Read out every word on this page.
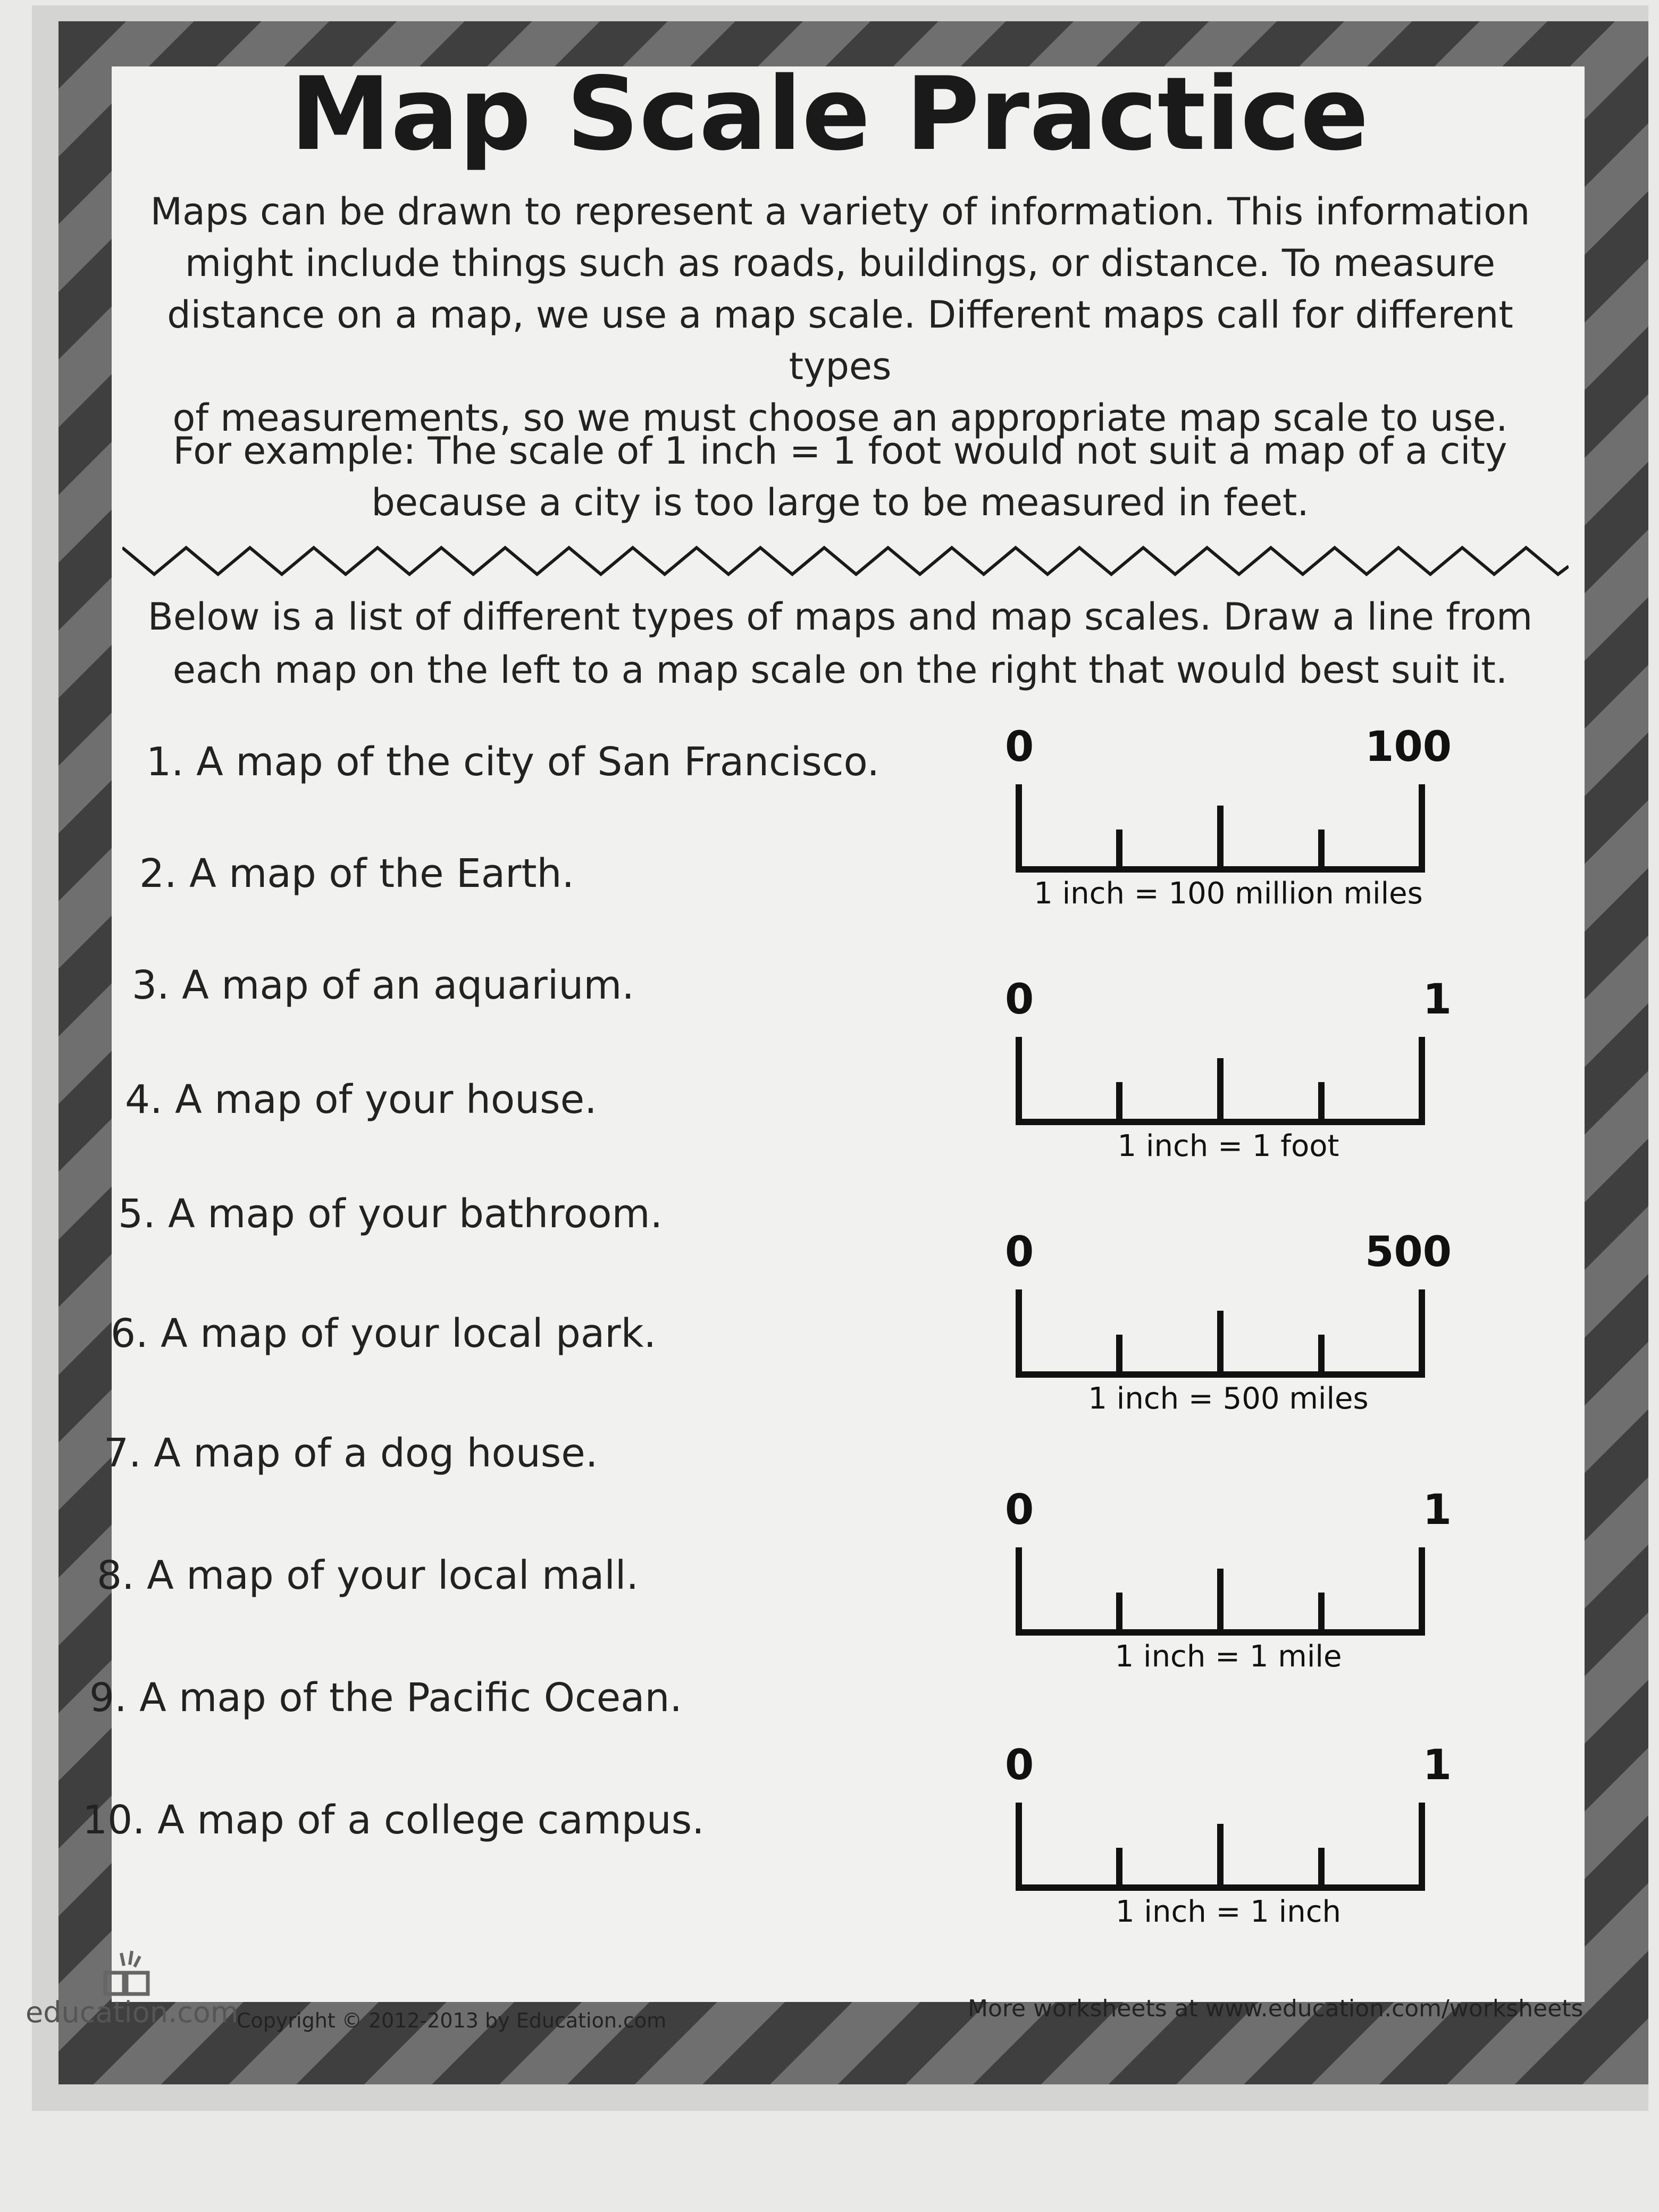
Map Scale Practice

Maps can be drawn to represent a variety of information. This information
might include things such as roads, buildings, or distance. To measure
distance on a map, we use a map scale. Different maps call for different types
of measurements, so we must choose an appropriate map scale to use.

For example: The scale of 1 inch = 1 foot would not suit a map of a city
because a city is too large to be measured in feet.

Below is a list of different types of maps and map scales. Draw a line from
each map on the left to a map scale on the right that would best suit it.

1. A map of the city of San Francisco.
2. A map of the Earth.
3. A map of an aquarium.
4. A map of your house.
5. A map of your bathroom.
6. A map of your local park.
7. A map of a dog house.
8. A map of your local mall.
9. A map of the Pacific Ocean.
10. A map of a college campus.
0	100
1 inch = 100 million miles
0	1
1 inch = 1 foot
0	500
1 inch = 500 miles
0	1
1 inch = 1 mile
0	1
1 inch = 1 inch
education.com
Copyright © 2012-2013 by Education.com	More worksheets at www.education.com/worksheets
